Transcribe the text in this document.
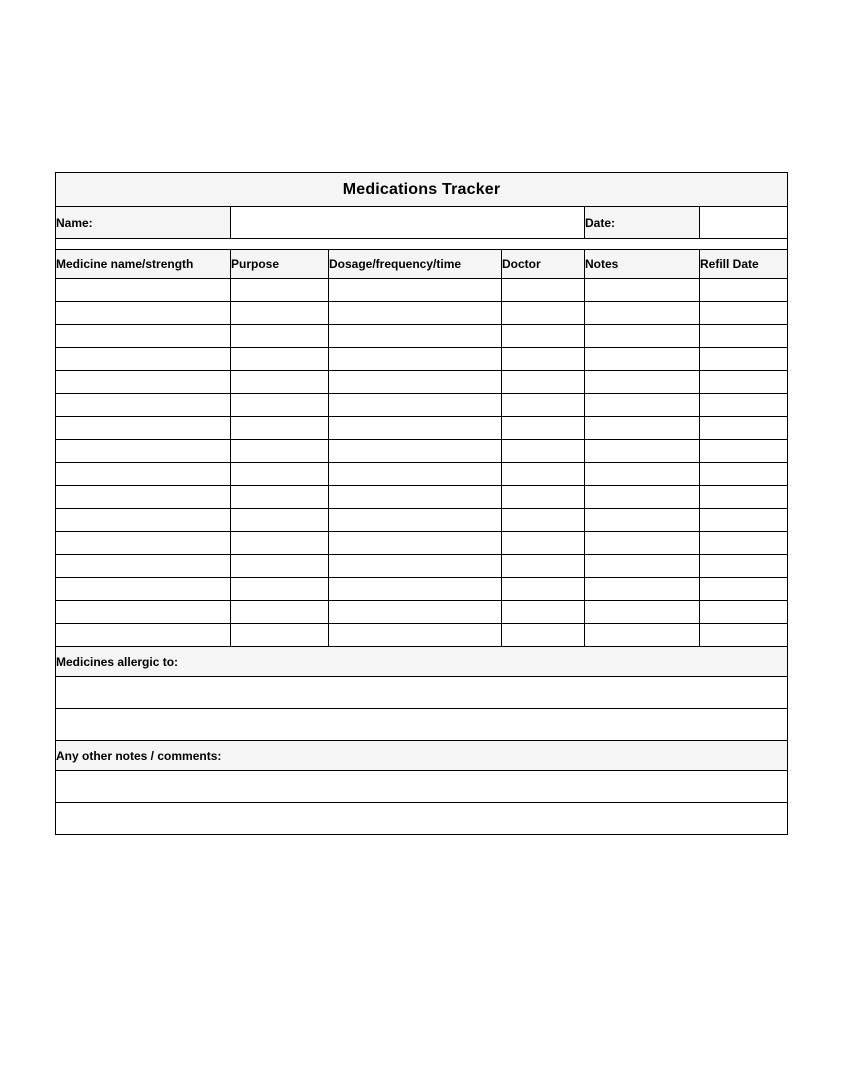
Medications Tracker					
Name:				Date:	

Medicine name/strength	Purpose	Dosage/frequency/time	Doctor	Notes	Refill Date

Medicines allergic to:					

Any other notes / comments:					
